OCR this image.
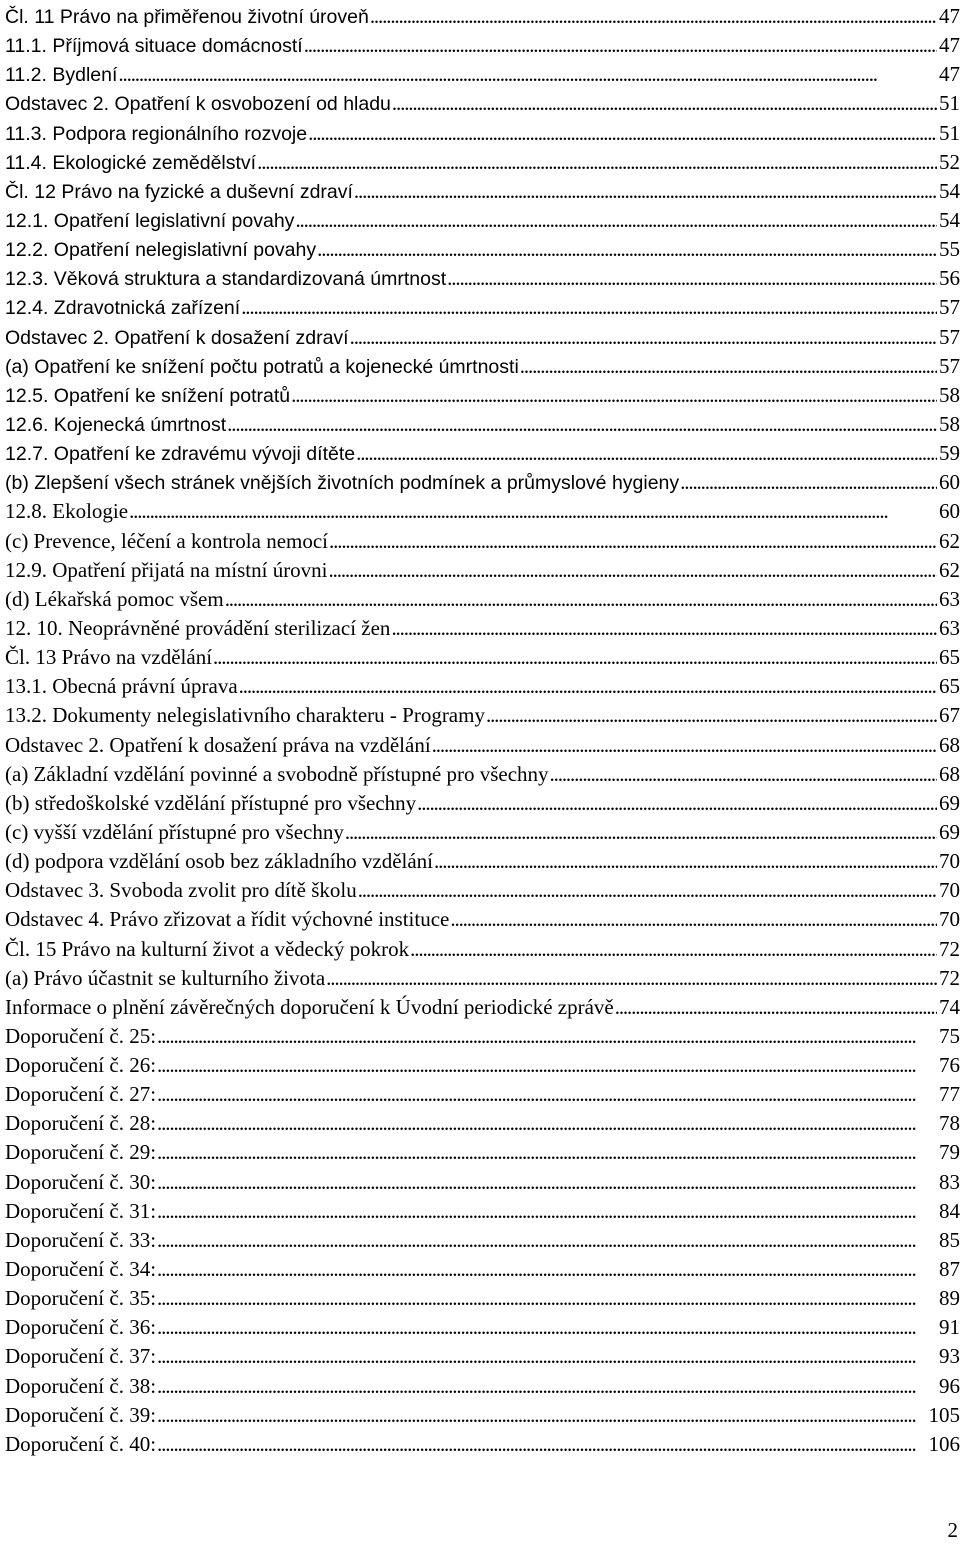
Čl. 11 Právo na přiměřenou životní úroveň . . .	47
11.1. Příjmová situace domácností . . .	47
11.2. Bydlení . . .	47
Odstavec 2. Opatření k osvobození od hladu . . .	51
11.3. Podpora regionálního rozvoje . . .	51
11.4. Ekologické zemědělství . . .	52
Čl. 12 Právo na fyzické a duševní zdraví . . .	54
12.1. Opatření legislativní povahy . . .	54
12.2. Opatření nelegislativní povahy . . .	55
12.3. Věková struktura a standardizovaná úmrtnost . . .	56
12.4. Zdravotnická zařízení . . .	57
Odstavec 2. Opatření k dosažení zdraví . . .	57
(a) Opatření ke snížení počtu potratů a kojenecké úmrtnosti . . .	57
12.5. Opatření ke snížení potratů . . .	58
12.6. Kojenecká úmrtnost . . .	58
12.7. Opatření ke zdravému vývoji dítěte . . .	59
(b) Zlepšení všech stránek vnějších životních podmínek a průmyslové hygieny . . .	60
12.8. Ekologie . . .	60
(c) Prevence, léčení a kontrola nemocí . . .	62
12.9. Opatření přijatá na místní úrovni . . .	62
(d) Lékařská pomoc všem . . .	63
12. 10. Neoprávněné provádění sterilizací žen . . .	63
Čl. 13 Právo na vzdělání . . .	65
13.1. Obecná právní úprava . . .	65
13.2. Dokumenty nelegislativního charakteru - Programy . . .	67
Odstavec 2. Opatření k dosažení práva na vzdělání . . .	68
(a) Základní vzdělání povinné a svobodně přístupné pro všechny . . .	68
(b) středoškolské vzdělání přístupné pro všechny . . .	69
(c) vyšší vzdělání přístupné pro všechny . . .	69
(d) podpora vzdělání osob bez základního vzdělání . . .	70
Odstavec 3. Svoboda zvolit pro dítě školu . . .	70
Odstavec 4. Právo zřizovat a řídit výchovné instituce . . .	70
Čl. 15 Právo na kulturní život a vědecký pokrok . . .	72
(a) Právo účastnit se kulturního života . . .	72
Informace o plnění závěrečných doporučení k Úvodní periodické zprávě . . .	74
Doporučení č. 25: . . .	75
Doporučení č. 26: . . .	76
Doporučení č. 27: . . .	77
Doporučení č. 28: . . .	78
Doporučení č. 29: . . .	79
Doporučení č. 30: . . .	83
Doporučení č. 31: . . .	84
Doporučení č. 33: . . .	85
Doporučení č. 34: . . .	87
Doporučení č. 35: . . .	89
Doporučení č. 36: . . .	91
Doporučení č. 37: . . .	93
Doporučení č. 38: . . .	96
Doporučení č. 39: . . .	105
Doporučení č. 40: . . .	106
2
